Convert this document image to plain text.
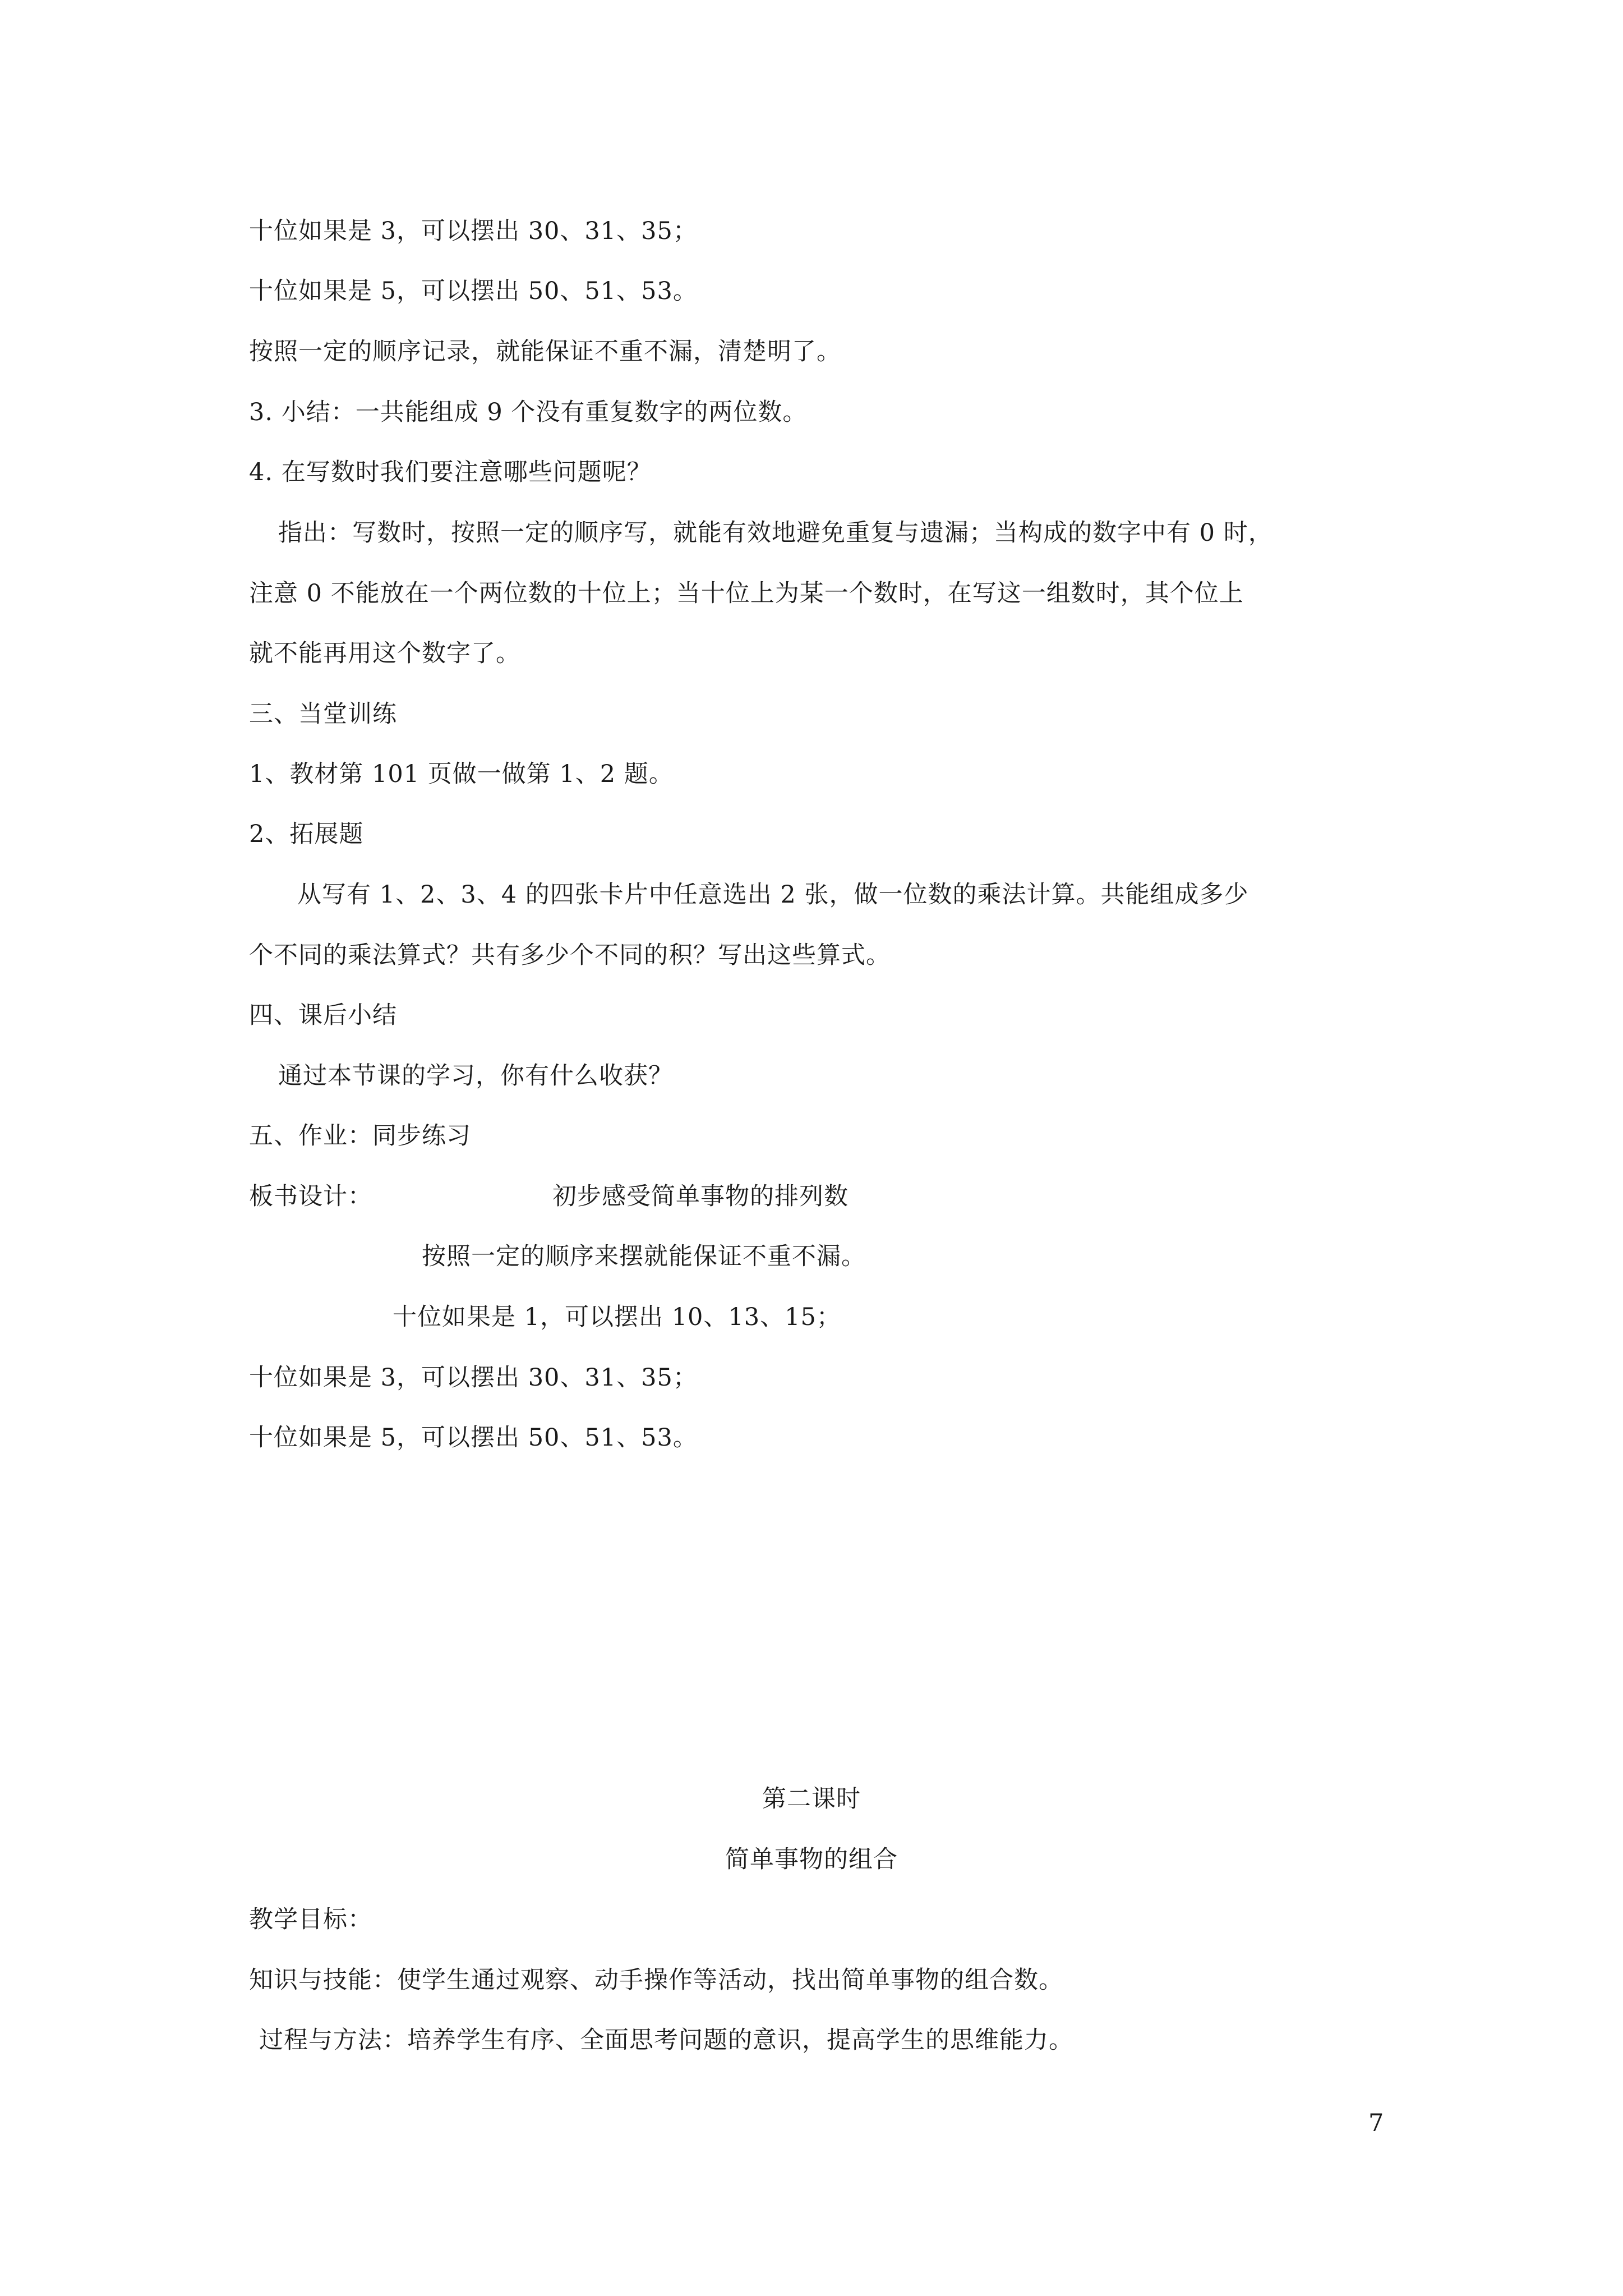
十位如果是 3，可以摆出 30、31、35；
十位如果是 5，可以摆出 50、51、53。
按照一定的顺序记录，就能保证不重不漏，清楚明了。
3. 小结：一共能组成 9 个没有重复数字的两位数。
4. 在写数时我们要注意哪些问题呢？
指出：写数时，按照一定的顺序写，就能有效地避免重复与遗漏；当构成的数字中有 0 时，
注意 0 不能放在一个两位数的十位上；当十位上为某一个数时，在写这一组数时，其个位上
就不能再用这个数字了。
三、当堂训练
1、教材第 101 页做一做第 1、2 题。
2、拓展题
从写有 1、2、3、4 的四张卡片中任意选出 2 张，做一位数的乘法计算。共能组成多少
个不同的乘法算式？共有多少个不同的积？写出这些算式。
四、课后小结
通过本节课的学习，你有什么收获？
五、作业：同步练习
板书设计：	初步感受简单事物的排列数
按照一定的顺序来摆就能保证不重不漏。
十位如果是 1，可以摆出 10、13、15；
十位如果是 3，可以摆出 30、31、35；
十位如果是 5，可以摆出 50、51、53。
第二课时
简单事物的组合
教学目标：
知识与技能：使学生通过观察、动手操作等活动，找出简单事物的组合数。
过程与方法：培养学生有序、全面思考问题的意识，提高学生的思维能力。
7
